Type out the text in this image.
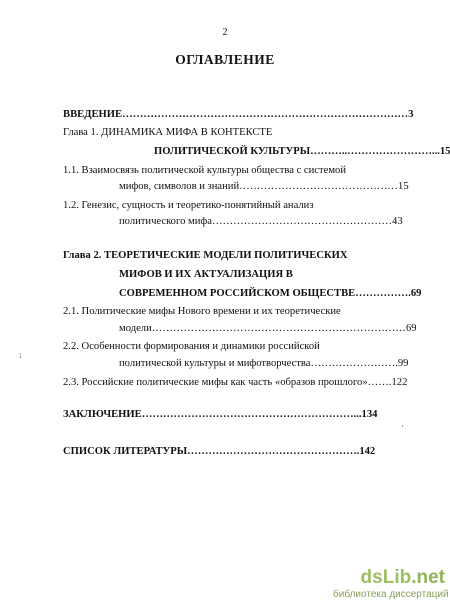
2
ОГЛАВЛЕНИЕ
ВВЕДЕНИЕ………………………………………………………………………3
Глава 1. ДИНАМИКА МИФА В КОНТЕКСТЕ
ПОЛИТИЧЕСКОЙ КУЛЬТУРЫ………..……………………...15
1.1. Взаимосвязь политической культуры общества с системой
мифов, символов и знаний………………………………………15
1.2. Генезис, сущность и теоретико-понятийный анализ
политического мифа……………………………………………43
Глава 2. ТЕОРЕТИЧЕСКИЕ МОДЕЛИ ПОЛИТИЧЕСКИХ
МИФОВ И ИХ АКТУАЛИЗАЦИЯ В
СОВРЕМЕННОМ РОССИЙСКОМ ОБЩЕСТВЕ…………….69
2.1. Политические мифы Нового времени и их теоретические
модели………………………………………………………………69
2.2. Особенности формирования и динамики российской
политической культуры и мифотворчества…………………….99
2.3. Российские политические мифы как часть «образов прошлого»…….122
ЗАКЛЮЧЕНИЕ……………………………………………………...134
СПИСОК ЛИТЕРАТУРЫ………………………………………….142
⁏
·
dsLib.net
библиотека диссертаций
